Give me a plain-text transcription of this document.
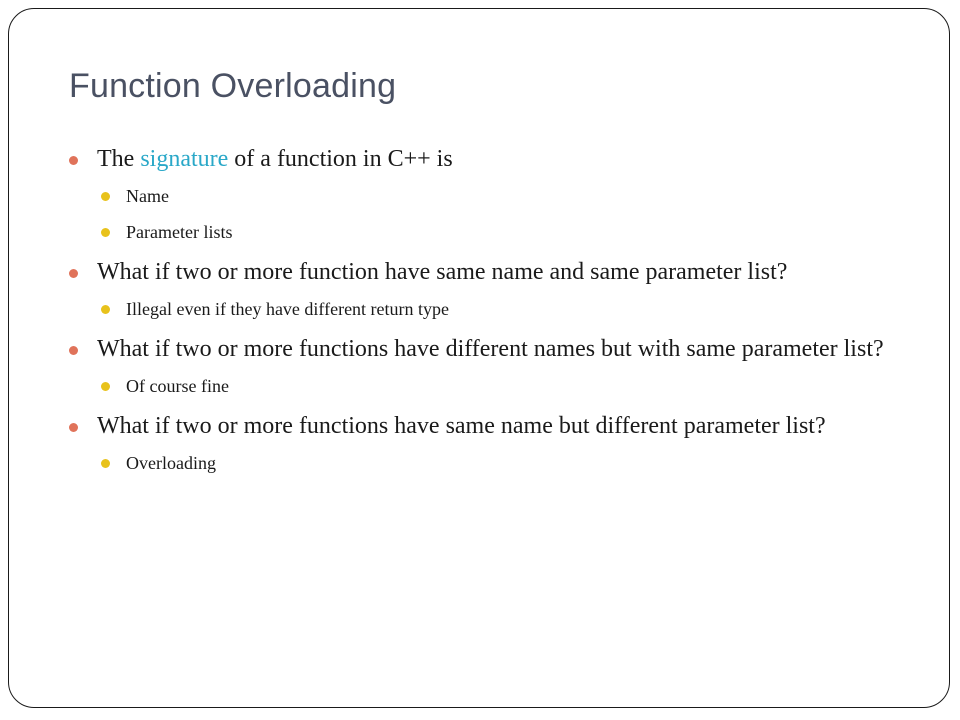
Function Overloading
The signature of a function in C++ is
Name
Parameter lists
What if two or more function have same name and same parameter list?
Illegal even if they have different return type
What if two or more functions have different names but with same parameter list?
Of course fine
What if two or more functions have same name but different parameter list?
Overloading
